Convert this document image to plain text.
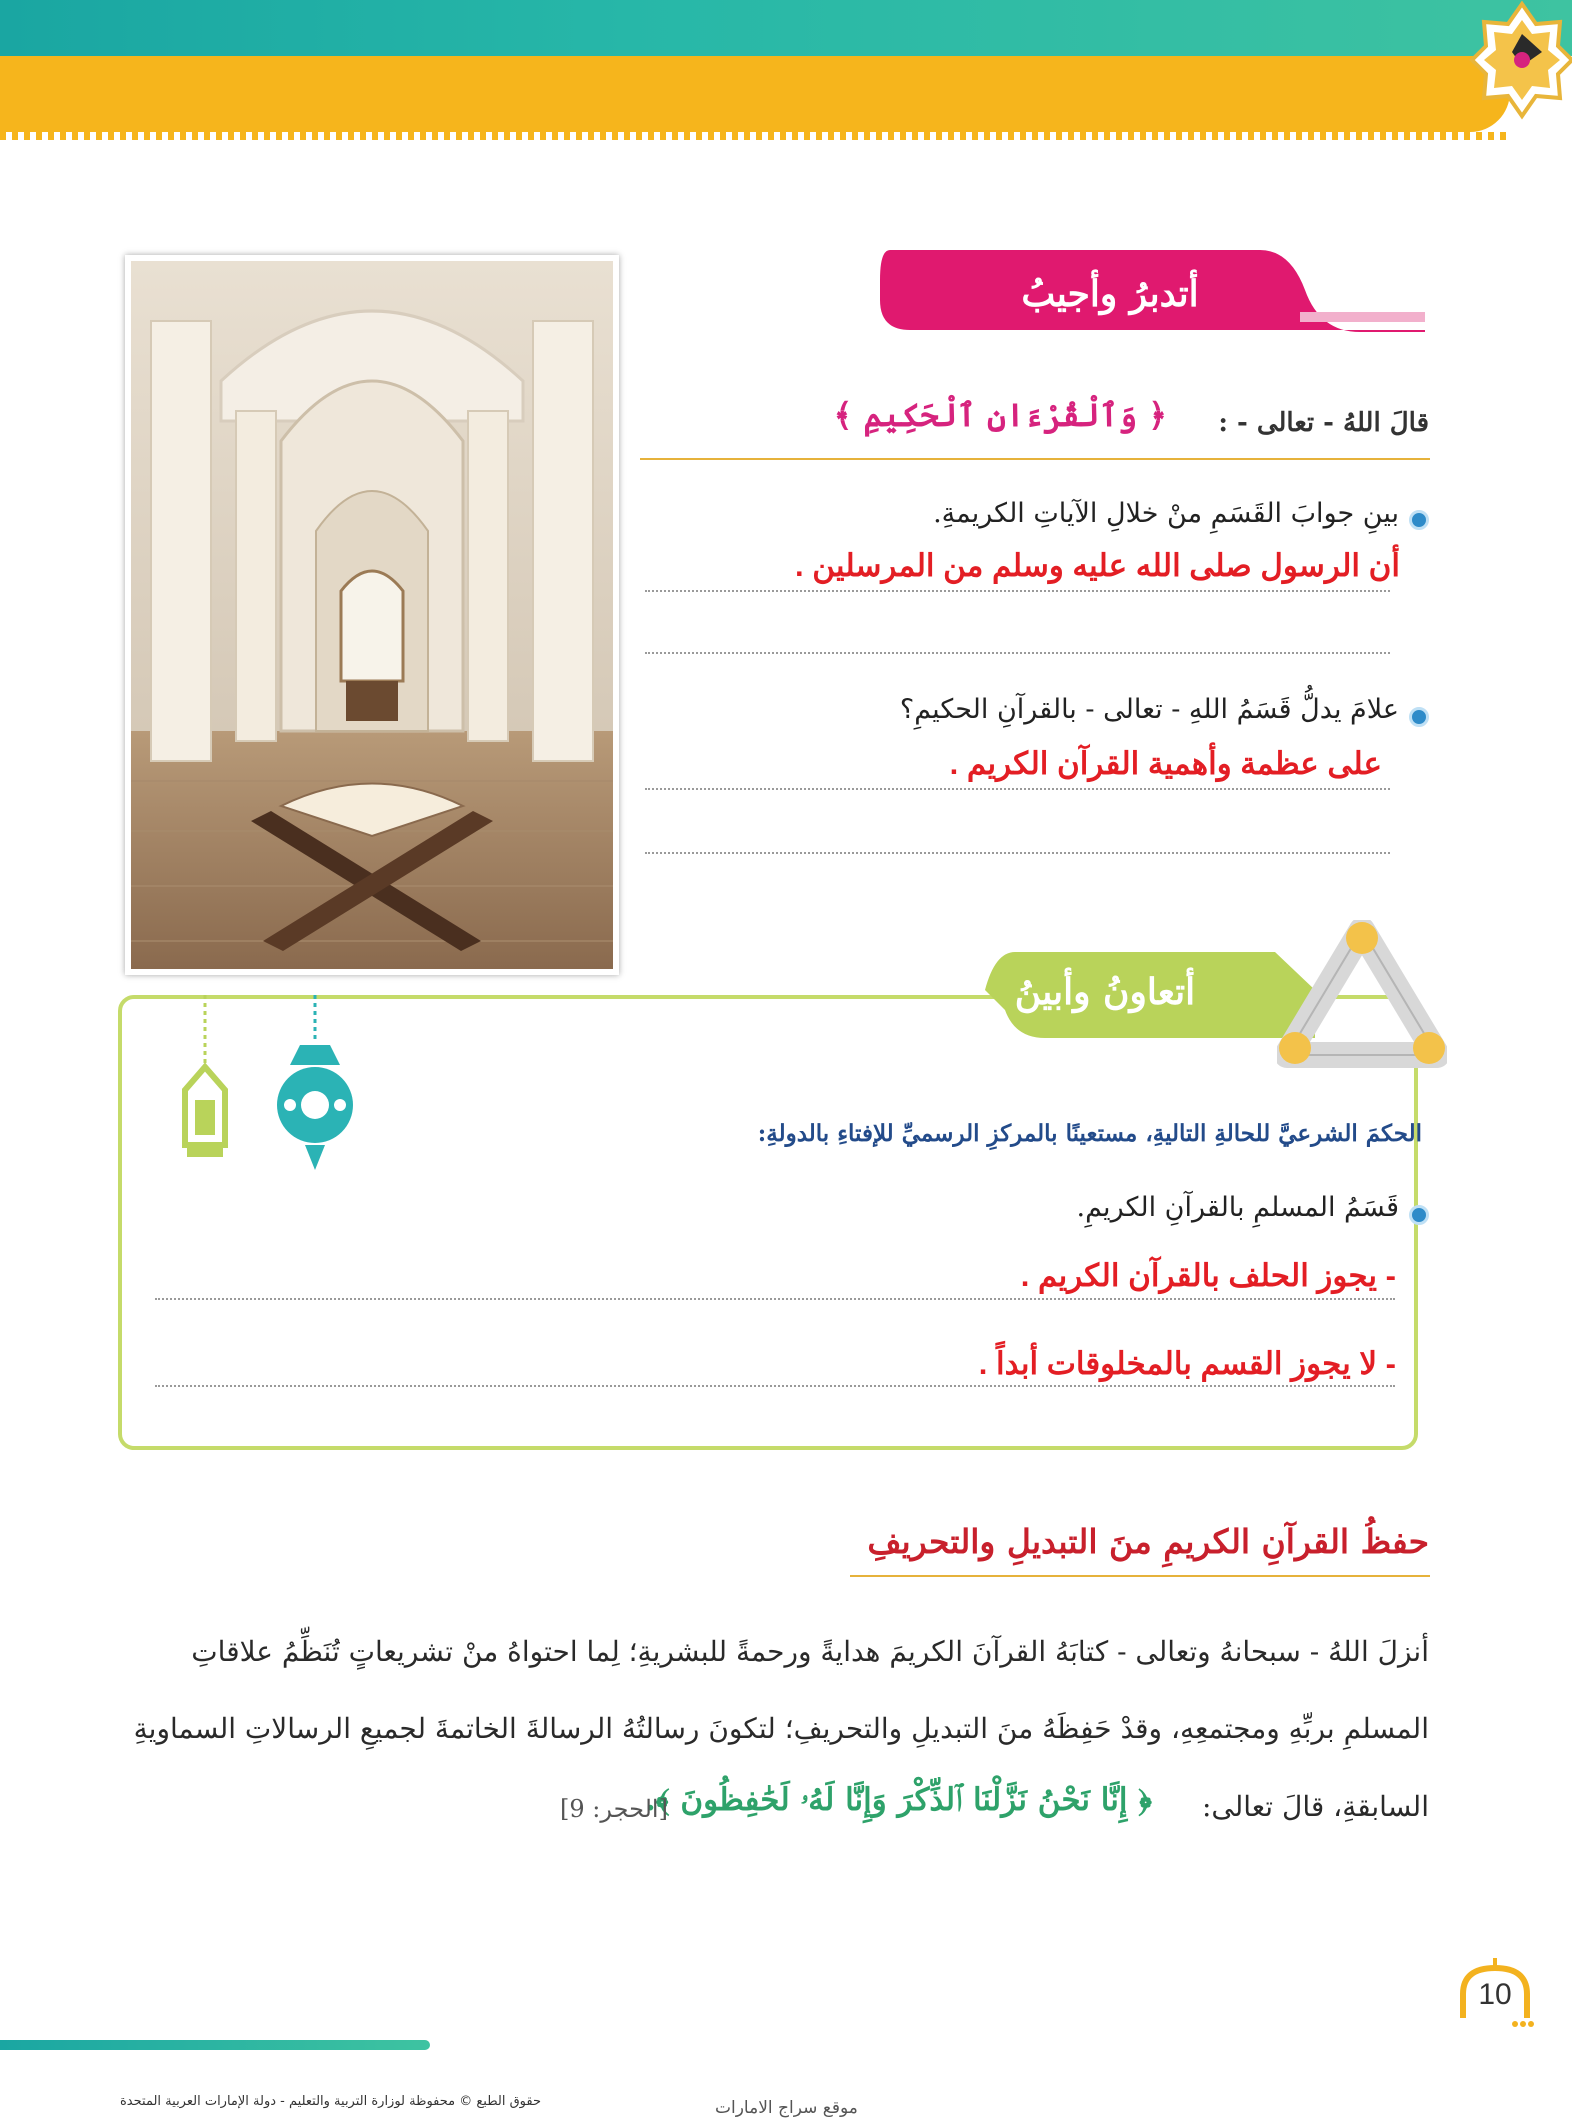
أتدبرُ وأجيبُ
قالَ اللهُ - تعالى - :
﴿ وَٱلْقُرْءَانِ ٱلْحَكِيمِ ﴾
بينِ جوابَ القَسَمِ منْ خلالِ الآياتِ الكريمةِ.
أن الرسول صلى الله عليه وسلم من المرسلين .
علامَ يدلُّ قَسَمُ اللهِ - تعالى - بالقرآنِ الحكيمِ؟
على عظمة وأهمية القرآن الكريم .
أتعاونُ وأبينُ
الحكمَ الشرعيَّ للحالةِ التاليةِ، مستعينًا بالمركزِ الرسميِّ للإفتاءِ بالدولةِ:
قَسَمُ المسلمِ بالقرآنِ الكريمِ.
- يجوز الحلف بالقرآن الكريم .
- لا يجوز القسم بالمخلوقات أبداً .
حفظُ القرآنِ الكريمِ منَ التبديلِ والتحريفِ
أنزلَ اللهُ - سبحانهُ وتعالى - كتابَهُ القرآنَ الكريمَ هدايةً ورحمةً للبشريةِ؛ لِما احتواهُ منْ تشريعاتٍ تُنَظِّمُ علاقاتِ
المسلمِ بربِّهِ ومجتمعِهِ، وقدْ حَفِظَهُ منَ التبديلِ والتحريفِ؛ لتكونَ رسالتُهُ الرسالةَ الخاتمةَ لجميعِ الرسالاتِ السماويةِ
السابقةِ، قالَ تعالى:
﴿ إِنَّا نَحْنُ نَزَّلْنَا ٱلذِّكْرَ وَإِنَّا لَهُۥ لَحَٰفِظُونَ ﴾.
[الحجر: 9]
10
حقوق الطبع © محفوظة لوزارة التربية والتعليم - دولة الإمارات العربية المتحدة	موقع سراج الامارات
